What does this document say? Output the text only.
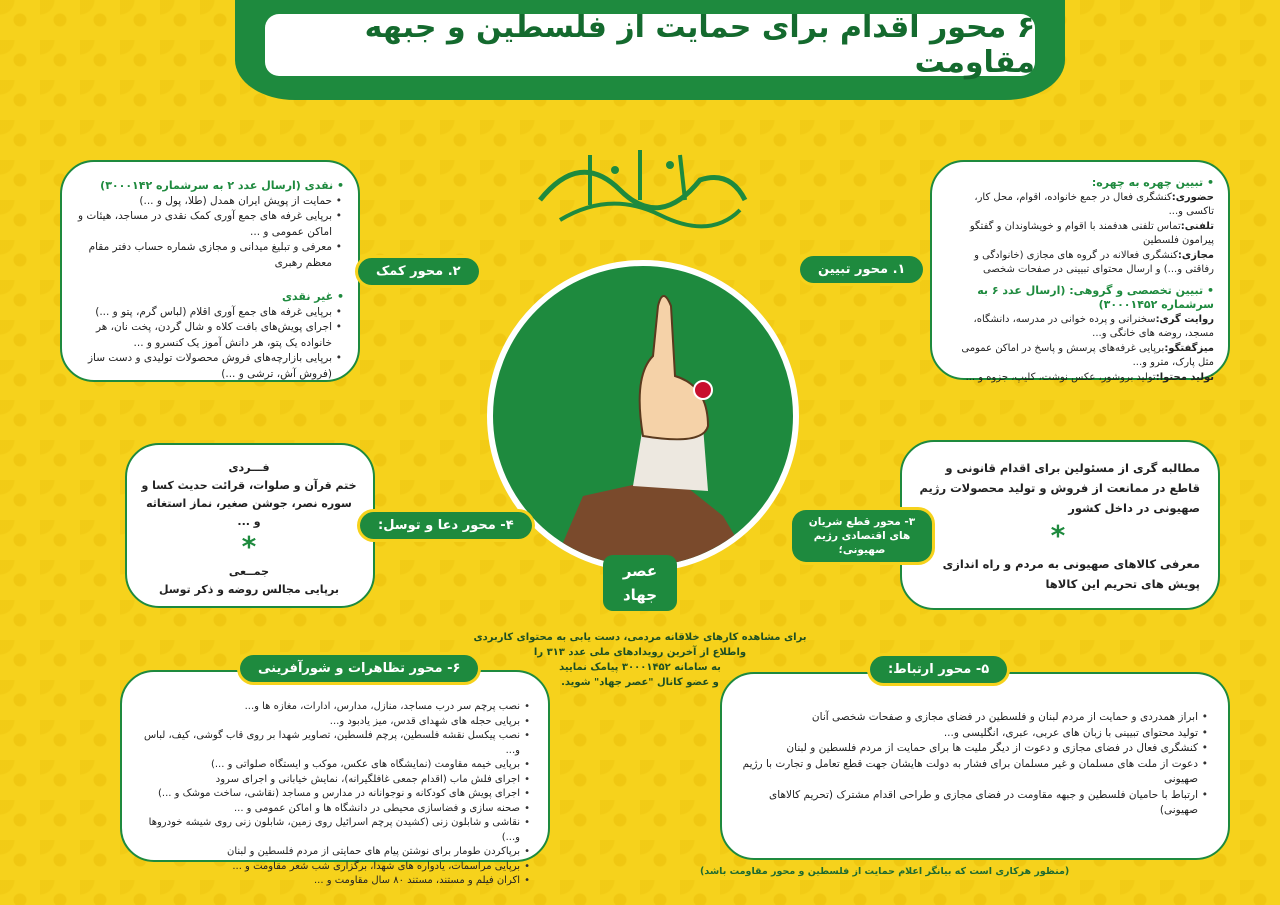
۶ محور اقدام برای حمایت از فلسطین و جبهه مقاومت
عصر
جهاد
برای مشاهده کارهای خلاقانه مردمی، دست یابی به محتوای کاربردی
واطلاع از آخرین رویدادهای ملی عدد ۳۱۳ را
به سامانه ۳۰۰۰۱۴۵۲ پیامک نمایید
و عضو کانال "عصر جهاد" شوید.
• تبیین چهره به چهره:
حضوری:کنشگری فعال در جمع خانواده، اقوام، محل کار، تاکسی و...
تلفنی:تماس تلفنی هدفمند با اقوام و خویشاوندان و گفتگو پیرامون فلسطین
مجازی:کنشگری فعالانه در گروه های مجازی (خانوادگی و رفاقتی و...) و ارسال محتوای تبیینی در صفحات شخصی
• تبیین تخصصی و گروهی: (ارسال عدد ۶ به سرشماره ۳۰۰۰۱۴۵۲)
روایت گری:سخنرانی و پرده خوانی در مدرسه، دانشگاه، مسجد، روضه های خانگی و...
میزگفتگو:برپایی غرفه‌های پرسش و پاسخ در اماکن عمومی مثل پارک، مترو و...
تولید محتوا:تولید بروشور، عکس نوشت، کلیپ، جزوه و ...
۱. محور تبیین
• نقدی (ارسال عدد ۲ به سرشماره ۳۰۰۰۱۴۲)
• حمایت از پویش ایران همدل (طلا، پول و ...)
• برپایی غرفه های جمع آوری کمک نقدی در مساجد، هیئات و اماکن عمومی و ...
• معرفی و تبلیغ میدانی و مجازی شماره حساب دفتر مقام معظم رهبری
• غیر نقدی
• برپایی غرفه های جمع آوری اقلام (لباس گرم، پتو و ...)
• اجرای پویش‌های بافت کلاه و شال گردن، پخت نان، هر خانواده یک پتو، هر دانش آموز یک کنسرو و ...
• برپایی بازارچه‌های فروش محصولات تولیدی و دست ساز (فروش آش، ترشی و ...)
۲. محور کمک
مطالبه گری از مسئولین برای اقدام قانونی و قاطع در ممانعت از فروش و تولید محصولات رژیم صهیونی در داخل کشور
*
معرفی کالاهای صهیونی به مردم و راه اندازی پویش های تحریم این کالاها
۳- محور قطع شریان های اقتصادی رژیم صهیونی؛
فـــردی
ختم قرآن و صلوات، قرائت حدیث کسا و سوره نصر، جوشن صغیر، نماز استغاثه و ...
*
جمــعی
برپایی مجالس روضه و ذکر توسل
۴- محور دعا و توسل:
• ابراز همدردی و حمایت از مردم لبنان و فلسطین در فضای مجازی و صفحات شخصی آنان
• تولید محتوای تبیینی با زبان های عربی، عبری، انگلیسی و...
• کنشگری فعال در فضای مجازی و دعوت از دیگر ملیت ها برای حمایت از مردم فلسطین و لبنان
• دعوت از ملت های مسلمان و غیر مسلمان برای فشار به دولت هایشان جهت قطع تعامل و تجارت با رژیم صهیونی
• ارتباط با حامیان فلسطین و جبهه مقاومت در فضای مجازی و طراحی اقدام مشترک (تحریم کالاهای صهیونی)
۵- محور ارتباط:
• نصب پرچم سر درب مساجد، منازل، مدارس، ادارات، مغازه ها و...
• برپایی حجله های شهدای قدس، میز یادبود و...
• نصب پیکسل نقشه فلسطین، پرچم فلسطین، تصاویر شهدا بر روی قاب گوشی، کیف، لباس و...
• برپایی خیمه مقاومت (نمایشگاه های عکس، موکب و ایستگاه صلواتی و ...)
• اجرای فلش ماب (اقدام جمعی غافلگیرانه)، نمایش خیابانی و اجرای سرود
• اجرای پویش های کودکانه و نوجوانانه در مدارس و مساجد (نقاشی، ساخت موشک و ...)
• صحنه سازی و فضاسازی محیطی در دانشگاه ها و اماکن عمومی و ...
• نقاشی و شابلون زنی (کشیدن پرچم اسرائیل روی زمین، شابلون زنی روی شیشه خودروها و...)
• برپاکردن طومار برای نوشتن پیام های حمایتی از مردم فلسطین و لبنان
• برپایی مراسمات، یادواره های شهدا، برگزاری شب شعر مقاومت و ...
• اکران فیلم و مستند، مستند ۸۰ سال مقاومت و ...
۶- محور تظاهرات و شورآفرینی
(منظور هرکاری است که بیانگر اعلام حمایت از فلسطین و محور مقاومت باشد)
